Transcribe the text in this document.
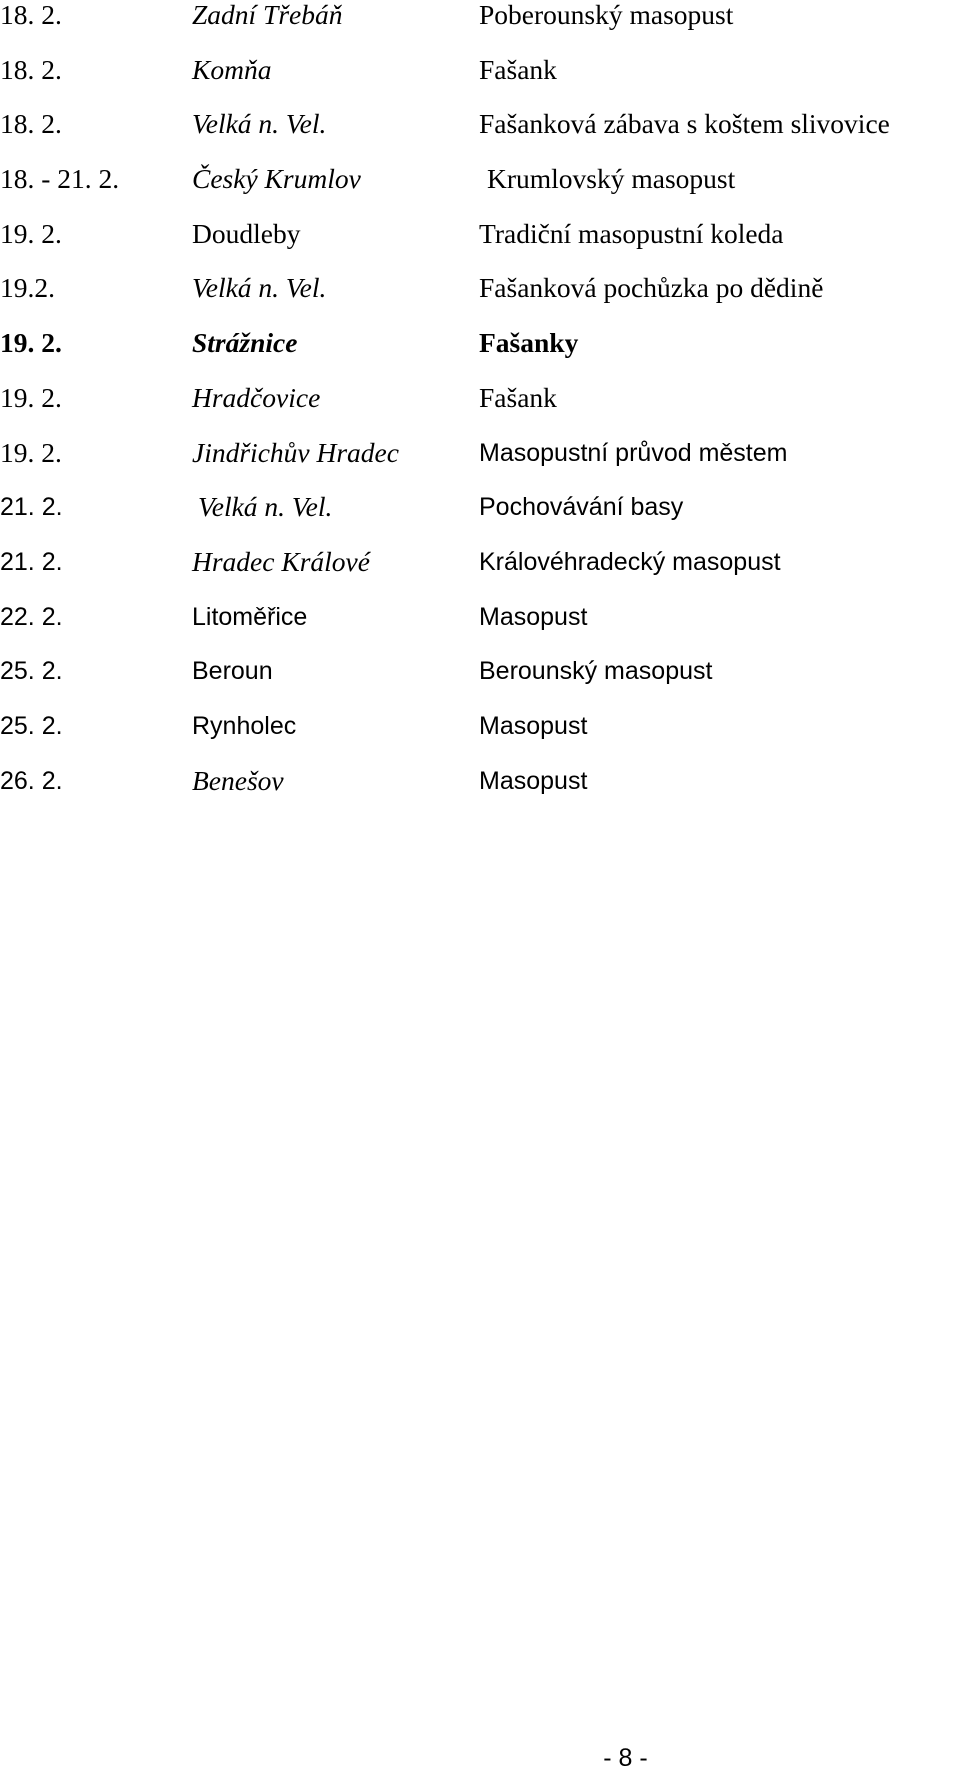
18. 2.	Zadní Třebáň	Poberounský masopust
18. 2.	Komňa	Fašank
18. 2.	Velká n. Vel.	Fašanková zábava s koštem slivovice
18. - 21. 2.	Český Krumlov	Krumlovský masopust
19. 2.	Doudleby	Tradiční masopustní koleda
19.2.	Velká n. Vel.	Fašanková pochůzka po dědině
19. 2.	Strážnice	Fašanky
19. 2.	Hradčovice	Fašank
19. 2.	Jindřichův Hradec	Masopustní průvod městem
21. 2.	Velká n. Vel.	Pochovávání basy
21. 2.	Hradec Králové	Královéhradecký masopust
22. 2.	Litoměřice	Masopust
25. 2.	Beroun	Berounský masopust
25. 2.	Rynholec	Masopust
26. 2.	Benešov	Masopust
- 8 -
